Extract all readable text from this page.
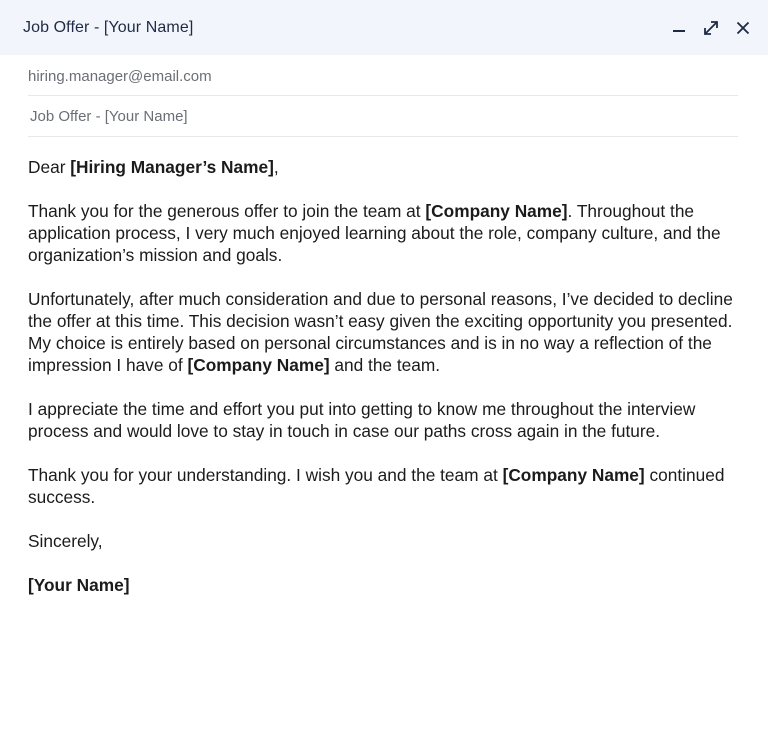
Job Offer - [Your Name]
hiring.manager@email.com
Job Offer - [Your Name]

Dear [Hiring Manager’s Name],

Thank you for the generous offer to join the team at [Company Name]. Throughout the application process, I very much enjoyed learning about the role, company culture, and the organization’s mission and goals.

Unfortunately, after much consideration and due to personal reasons, I’ve decided to decline the offer at this time. This decision wasn’t easy given the exciting opportunity you presented. My choice is entirely based on personal circumstances and is in no way a reflection of the impression I have of [Company Name] and the team.

I appreciate the time and effort you put into getting to know me throughout the interview process and would love to stay in touch in case our paths cross again in the future.

Thank you for your understanding. I wish you and the team at [Company Name] continued success.

Sincerely,

[Your Name]
